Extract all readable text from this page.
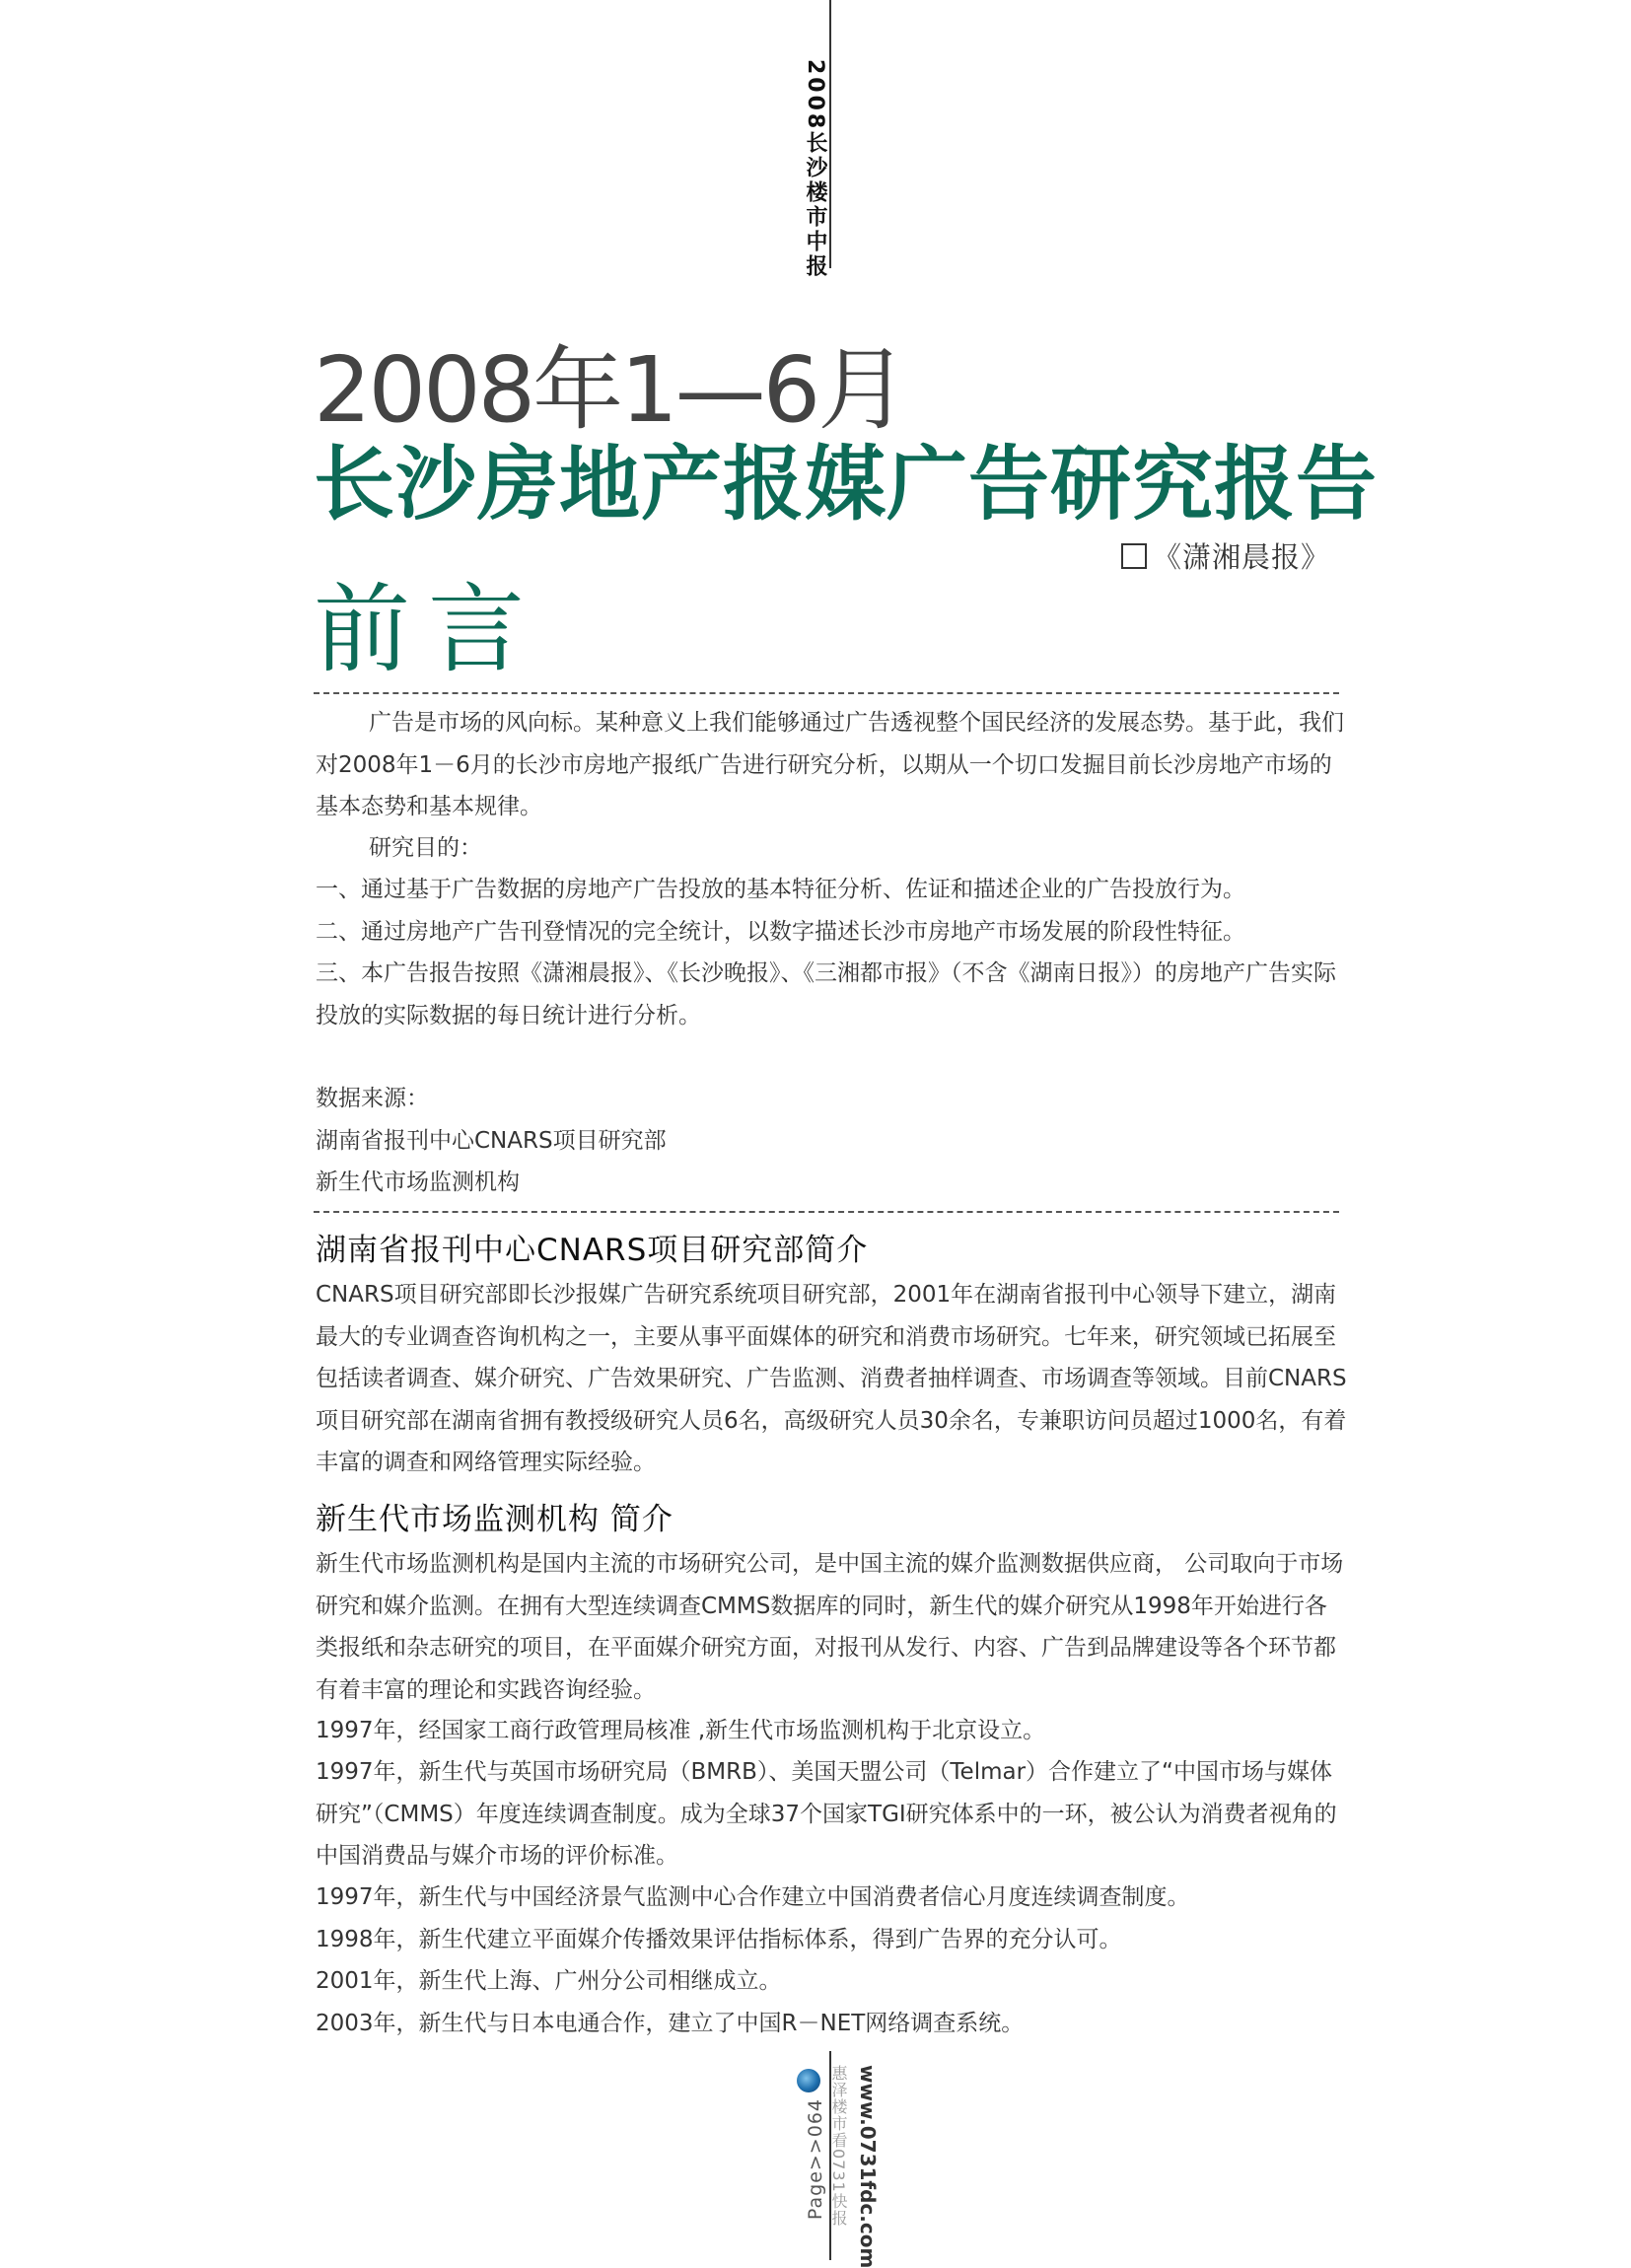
2008长沙楼市中报
2008年1—6月
长沙房地产报媒广告研究报告
《潇湘晨报》
前言

广告是市场的风向标。某种意义上我们能够通过广告透视整个国民经济的发展态势。基于此，我们对2008年1－6月的长沙市房地产报纸广告进行研究分析，以期从一个切口发掘目前长沙房地产市场的基本态势和基本规律。

研究目的：

一、通过基于广告数据的房地产广告投放的基本特征分析、佐证和描述企业的广告投放行为。

二、通过房地产广告刊登情况的完全统计，以数字描述长沙市房地产市场发展的阶段性特征。

三、本广告报告按照《潇湘晨报》、《长沙晚报》、《三湘都市报》（不含《湖南日报》）的房地产广告实际投放的实际数据的每日统计进行分析。

数据来源：

湖南省报刊中心CNARS项目研究部

新生代市场监测机构

湖南省报刊中心CNARS项目研究部简介

CNARS项目研究部即长沙报媒广告研究系统项目研究部，2001年在湖南省报刊中心领导下建立，湖南最大的专业调查咨询机构之一，主要从事平面媒体的研究和消费市场研究。七年来，研究领域已拓展至包括读者调查、媒介研究、广告效果研究、广告监测、消费者抽样调查、市场调查等领域。目前CNARS项目研究部在湖南省拥有教授级研究人员6名，高级研究人员30余名，专兼职访问员超过1000名，有着丰富的调查和网络管理实际经验。

新生代市场监测机构 简介

新生代市场监测机构是国内主流的市场研究公司，是中国主流的媒介监测数据供应商， 公司取向于市场研究和媒介监测。在拥有大型连续调查CMMS数据库的同时，新生代的媒介研究从1998年开始进行各类报纸和杂志研究的项目，在平面媒介研究方面，对报刊从发行、内容、广告到品牌建设等各个环节都有着丰富的理论和实践咨询经验。

1997年，经国家工商行政管理局核准 ,新生代市场监测机构于北京设立。

1997年，新生代与英国市场研究局（BMRB）、美国天盟公司（Telmar）合作建立了“中国市场与媒体研究”（CMMS）年度连续调查制度。成为全球37个国家TGI研究体系中的一环，被公认为消费者视角的中国消费品与媒介市场的评价标准。

1997年，新生代与中国经济景气监测中心合作建立中国消费者信心月度连续调查制度。

1998年，新生代建立平面媒介传播效果评估指标体系，得到广告界的充分认可。

2001年，新生代上海、广州分公司相继成立。

2003年，新生代与日本电通合作，建立了中国R－NET网络调查系统。

Page>>064 惠泽楼市看0731快报 www.0731fdc.com
